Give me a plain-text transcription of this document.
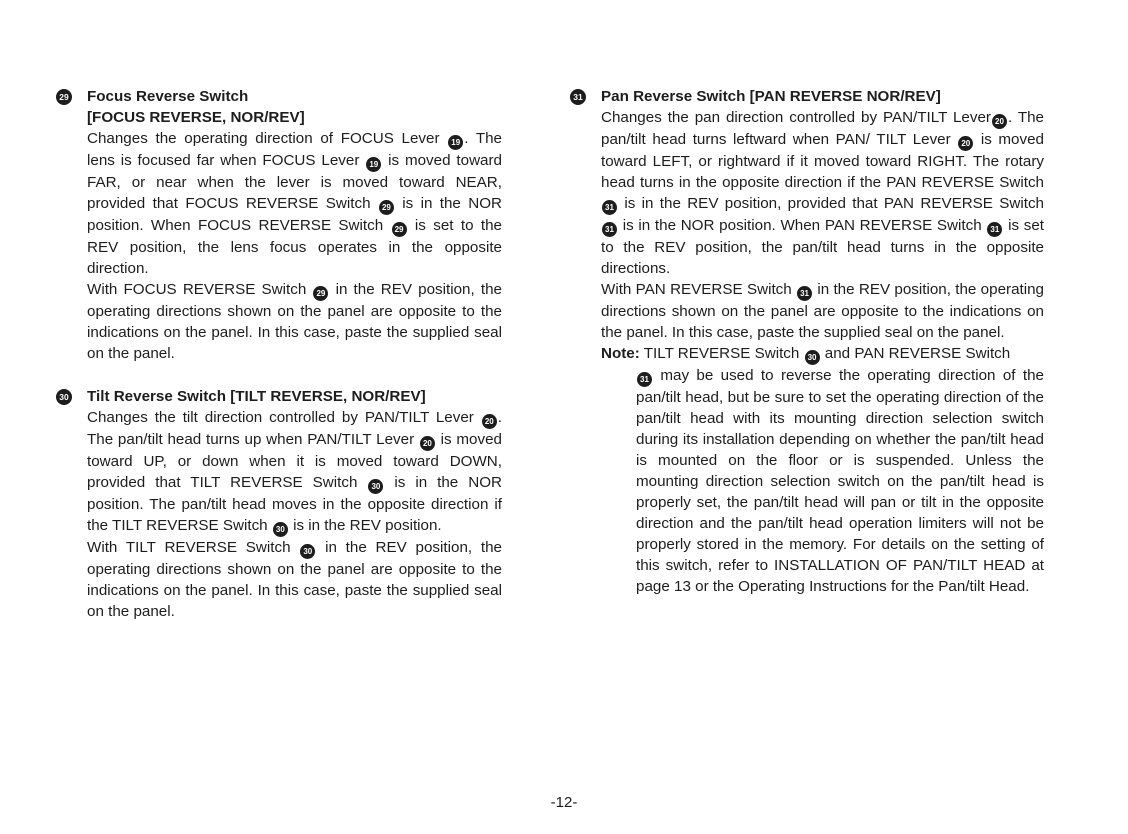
29 Focus Reverse Switch
[FOCUS REVERSE, NOR/REV]

Changes the operating direction of FOCUS Lever 19 . The lens is focused far when FOCUS Lever 19 is moved toward FAR, or near when the lever is moved toward NEAR, provided that FOCUS REVERSE Switch 29 is in the NOR position. When FOCUS REVERSE Switch 29 is set to the REV position, the lens focus operates in the opposite direction.

With FOCUS REVERSE Switch 29 in the REV position, the operating directions shown on the panel are opposite to the indications on the panel. In this case, paste the supplied seal on the panel.

30 Tilt Reverse Switch [TILT REVERSE, NOR/REV]

Changes the tilt direction controlled by PAN/TILT Lever 20 . The pan/tilt head turns up when PAN/TILT Lever 20 is moved toward UP, or down when it is moved toward DOWN, provided that TILT REVERSE Switch 30 is in the NOR position. The pan/tilt head moves in the opposite direction if the TILT REVERSE Switch 30 is in the REV position.

With TILT REVERSE Switch 30 in the REV position, the operating directions shown on the panel are opposite to the indications on the panel. In this case, paste the supplied seal on the panel.

31 Pan Reverse Switch [PAN REVERSE NOR/REV]

Changes the pan direction controlled by PAN/TILT Lever 20 . The pan/tilt head turns leftward when PAN/ TILT Lever 20 is moved toward LEFT, or rightward if it moved toward RIGHT. The rotary head turns in the opposite direction if the PAN REVERSE Switch 31 is in the REV position, provided that PAN REVERSE Switch 31 is in the NOR position. When PAN REVERSE Switch 31 is set to the REV position, the pan/tilt head turns in the opposite directions.

With PAN REVERSE Switch 31 in the REV position, the operating directions shown on the panel are opposite to the indications on the panel. In this case, paste the supplied seal on the panel.

Note: TILT REVERSE Switch 30 and PAN REVERSE Switch
31 may be used to reverse the operating direction of the pan/tilt head, but be sure to set the operating direction of the pan/tilt head with its mounting direction selection switch during its installation depending on whether the pan/tilt head is mounted on the floor or is suspended. Unless the mounting direction selection switch on the pan/tilt head is properly set, the pan/tilt head will pan or tilt in the opposite direction and the pan/tilt head operation limiters will not be properly stored in the memory. For details on the setting of this switch, refer to INSTALLATION OF PAN/TILT HEAD at page 13 or the Operating Instructions for the Pan/tilt Head.
-12-
